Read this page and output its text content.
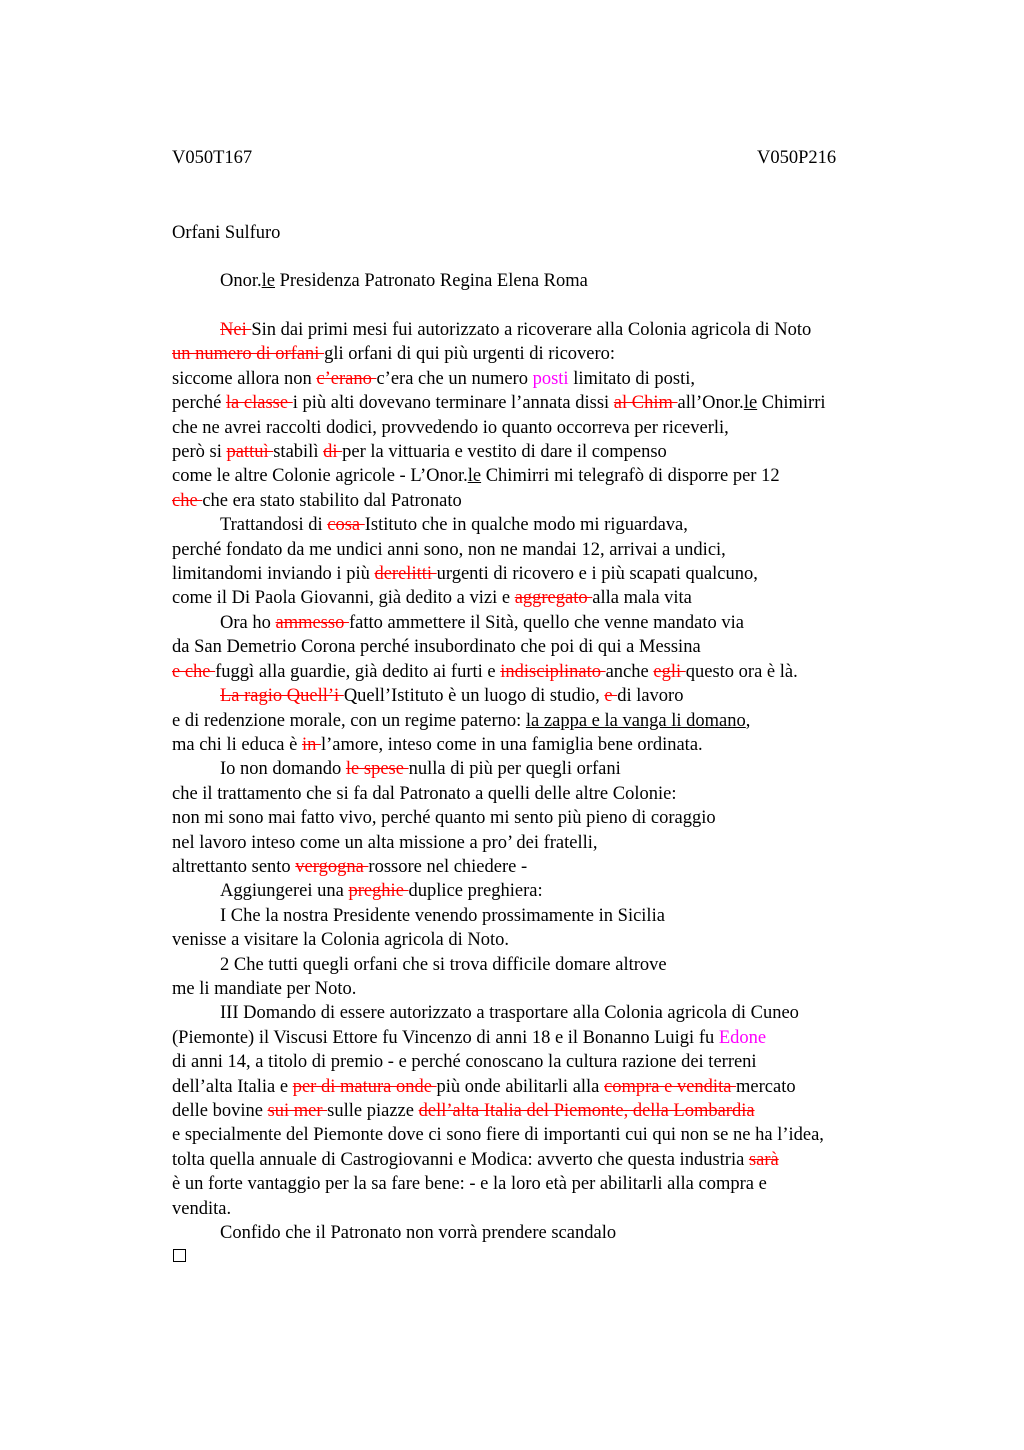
V050T167	V050P216
Orfani Sulfuro
Onor.le Presidenza Patronato Regina Elena Roma
Nei Sin dai primi mesi fui autorizzato a ricoverare alla Colonia agricola di Noto
un numero di orfani gli orfani di qui più urgenti di ricovero:
siccome allora non c’erano c’era che un numero posti limitato di posti,
perché la classe i più alti dovevano terminare l’annata dissi al Chim all’Onor.le Chimirri
che ne avrei raccolti dodici, provvedendo io quanto occorreva per riceverli,
però si pattuì stabilì di per la vittuaria e vestito di dare il compenso
come le altre Colonie agricole - L’Onor.le Chimirri mi telegrafò di disporre per 12
che che era stato stabilito dal Patronato
Trattandosi di cosa Istituto che in qualche modo mi riguardava,
perché fondato da me undici anni sono, non ne mandai 12, arrivai a undici,
limitandomi inviando i più derelitti urgenti di ricovero e i più scapati qualcuno,
come il Di Paola Giovanni, già dedito a vizi e aggregato alla mala vita
Ora ho ammesso fatto ammettere il Sità, quello che venne mandato via
da San Demetrio Corona perché insubordinato che poi di qui a Messina
e che fuggì alla guardie, già dedito ai furti e indisciplinato anche egli questo ora è là.
La ragio Quell’i Quell’Istituto è un luogo di studio, e di lavoro
e di redenzione morale, con un regime paterno: la zappa e la vanga li domano,
ma chi li educa è in l’amore, inteso come in una famiglia bene ordinata.
Io non domando le spese nulla di più per quegli orfani
che il trattamento che si fa dal Patronato a quelli delle altre Colonie:
non mi sono mai fatto vivo, perché quanto mi sento più pieno di coraggio
nel lavoro inteso come un alta missione a pro’ dei fratelli,
altrettanto sento vergogna rossore nel chiedere -
Aggiungerei una preghie duplice preghiera:
I Che la nostra Presidente venendo prossimamente in Sicilia
venisse a visitare la Colonia agricola di Noto.
2 Che tutti quegli orfani che si trova difficile domare altrove
me li mandiate per Noto.
III Domando di essere autorizzato a trasportare alla Colonia agricola di Cuneo
(Piemonte) il Viscusi Ettore fu Vincenzo di anni 18 e il Bonanno Luigi fu Edone
di anni 14, a titolo di premio - e perché conoscano la cultura razione dei terreni
dell’alta Italia e per di matura onde più onde abilitarli alla compra e vendita mercato
delle bovine sui mer sulle piazze dell’alta Italia del Piemonte, della Lombardia
e specialmente del Piemonte dove ci sono fiere di importanti cui qui non se ne ha l’idea,
tolta quella annuale di Castrogiovanni e Modica: avverto che questa industria sarà
è un forte vantaggio per la sa fare bene: - e la loro età per abilitarli alla compra e
vendita.
Confido che il Patronato non vorrà prendere scandalo
